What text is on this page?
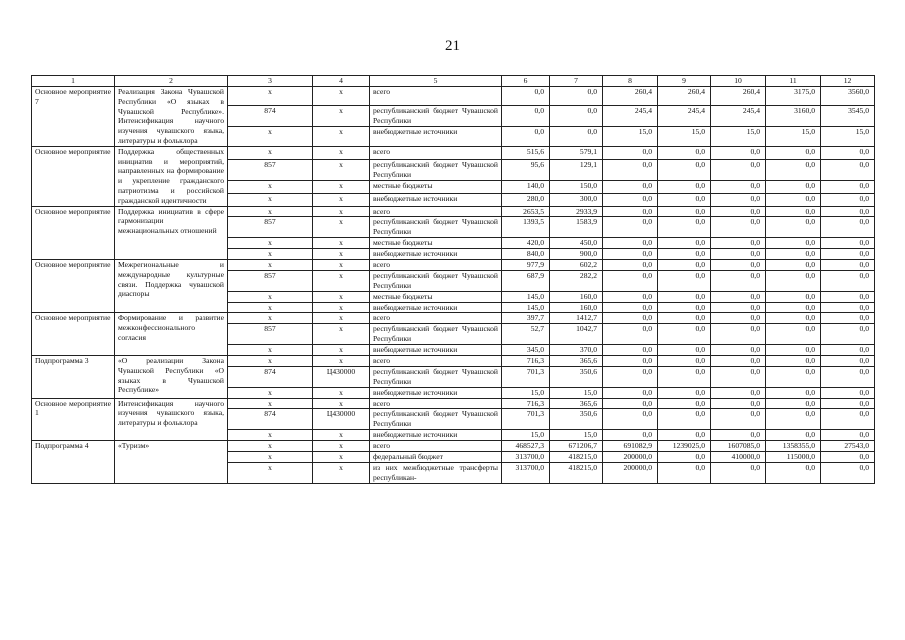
21
1	2	3	4	5	6	7	8	9	10	11	12
Основное мероприятие 7	Реализация Закона Чувашской Республики «О языках в Чувашской Республике». Интенсификация научного изучения чувашского языка, литературы и фольклора	x	x	всего	0,0	0,0	260,4	260,4	260,4	3175,0	3560,0
		874	x	республиканский бюджет Чувашской Республики	0,0	0,0	245,4	245,4	245,4	3160,0	3545,0
		x	x	внебюджетные источники	0,0	0,0	15,0	15,0	15,0	15,0	15,0
Основное мероприятие	Поддержка общественных инициатив и мероприятий, направленных на формирование и укрепление гражданского патриотизма и российской гражданской идентичности	x	x	всего	515,6	579,1	0,0	0,0	0,0	0,0	0,0
		857	x	республиканский бюджет Чувашской Республики	95,6	129,1	0,0	0,0	0,0	0,0	0,0
		x	x	местные бюджеты	140,0	150,0	0,0	0,0	0,0	0,0	0,0
		x	x	внебюджетные источники	280,0	300,0	0,0	0,0	0,0	0,0	0,0
Основное мероприятие	Поддержка инициатив в сфере гармонизации межнациональных отношений	x	x	всего	2653,5	2933,9	0,0	0,0	0,0	0,0	0,0
		857	x	республиканский бюджет Чувашской Республики	1393,5	1583,9	0,0	0,0	0,0	0,0	0,0
		x	x	местные бюджеты	420,0	450,0	0,0	0,0	0,0	0,0	0,0
		x	x	внебюджетные источники	840,0	900,0	0,0	0,0	0,0	0,0	0,0
Основное мероприятие	Межрегиональные и международные культурные связи. Поддержка чувашской диаспоры	x	x	всего	977,9	602,2	0,0	0,0	0,0	0,0	0,0
		857	x	республиканский бюджет Чувашской Республики	687,9	282,2	0,0	0,0	0,0	0,0	0,0
		x	x	местные бюджеты	145,0	160,0	0,0	0,0	0,0	0,0	0,0
		x	x	внебюджетные источники	145,0	160,0	0,0	0,0	0,0	0,0	0,0
Основное мероприятие	Формирование и развитие межконфессионального согласия	x	x	всего	397,7	1412,7	0,0	0,0	0,0	0,0	0,0
		857	x	республиканский бюджет Чувашской Республики	52,7	1042,7	0,0	0,0	0,0	0,0	0,0
		x	x	внебюджетные источники	345,0	370,0	0,0	0,0	0,0	0,0	0,0
Подпрограмма 3	«О реализации Закона Чувашской Республики «О языках в Чувашской Республике»	x	x	всего	716,3	365,6	0,0	0,0	0,0	0,0	0,0
		874	Ц430000	республиканский бюджет Чувашской Республики	701,3	350,6	0,0	0,0	0,0	0,0	0,0
		x	x	внебюджетные источники	15,0	15,0	0,0	0,0	0,0	0,0	0,0
Основное мероприятие 1	Интенсификация научного изучения чувашского языка, литературы и фольклора	x	x	всего	716,3	365,6	0,0	0,0	0,0	0,0	0,0
		874	Ц430000	республиканский бюджет Чувашской Республики	701,3	350,6	0,0	0,0	0,0	0,0	0,0
		x	x	внебюджетные источники	15,0	15,0	0,0	0,0	0,0	0,0	0,0
Подпрограмма 4	«Туризм»	x	x	всего	468527,3	671206,7	691082,9	1239025,0	1607085,0	1358355,0	27543,0
		x	x	федеральный бюджет	313700,0	418215,0	200000,0	0,0	410000,0	115000,0	0,0
		x	x	из них межбюджетные трансферты республикан-	313700,0	418215,0	200000,0	0,0	0,0	0,0	0,0
